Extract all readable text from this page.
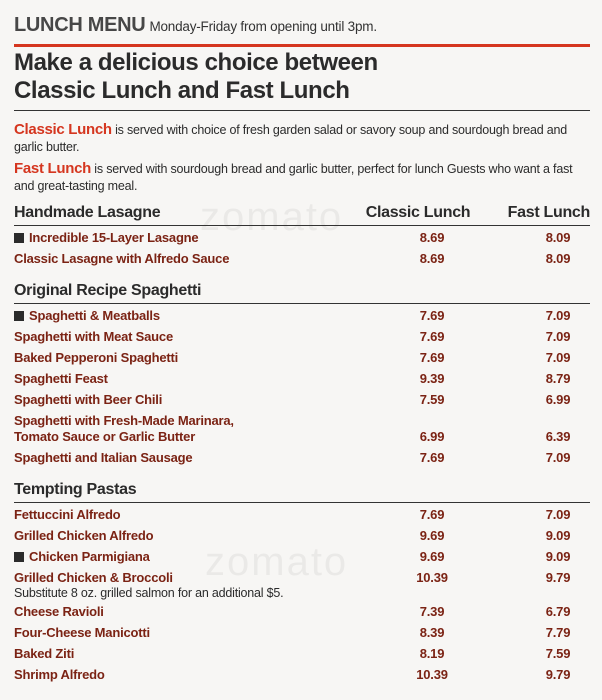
zomato
zomato
LUNCH MENU Monday-Friday from opening until 3pm.
Make a delicious choice between
Classic Lunch and Fast Lunch
Classic Lunch is served with choice of fresh garden salad or savory soup and sourdough bread and garlic butter.
Fast Lunch is served with sourdough bread and garlic butter, perfect for lunch Guests who want a fast and great-tasting meal.
Handmade Lasagne	Classic Lunch	Fast Lunch
Incredible 15-Layer Lasagne	8.69	8.09
Classic Lasagne with Alfredo Sauce	8.69	8.09
Original Recipe Spaghetti
Spaghetti & Meatballs	7.69	7.09
Spaghetti with Meat Sauce	7.69	7.09
Baked Pepperoni Spaghetti	7.69	7.09
Spaghetti Feast	9.39	8.79
Spaghetti with Beer Chili	7.59	6.99
Spaghetti with Fresh-Made Marinara,
Tomato Sauce or Garlic Butter	6.99	6.39
Spaghetti and Italian Sausage	7.69	7.09
Tempting Pastas
Fettuccini Alfredo	7.69	7.09
Grilled Chicken Alfredo	9.69	9.09
Chicken Parmigiana	9.69	9.09
Grilled Chicken & Broccoli	10.39	9.79
Substitute 8 oz. grilled salmon for an additional $5.
Cheese Ravioli	7.39	6.79
Four-Cheese Manicotti	8.39	7.79
Baked Ziti	8.19	7.59
Shrimp Alfredo	10.39	9.79
